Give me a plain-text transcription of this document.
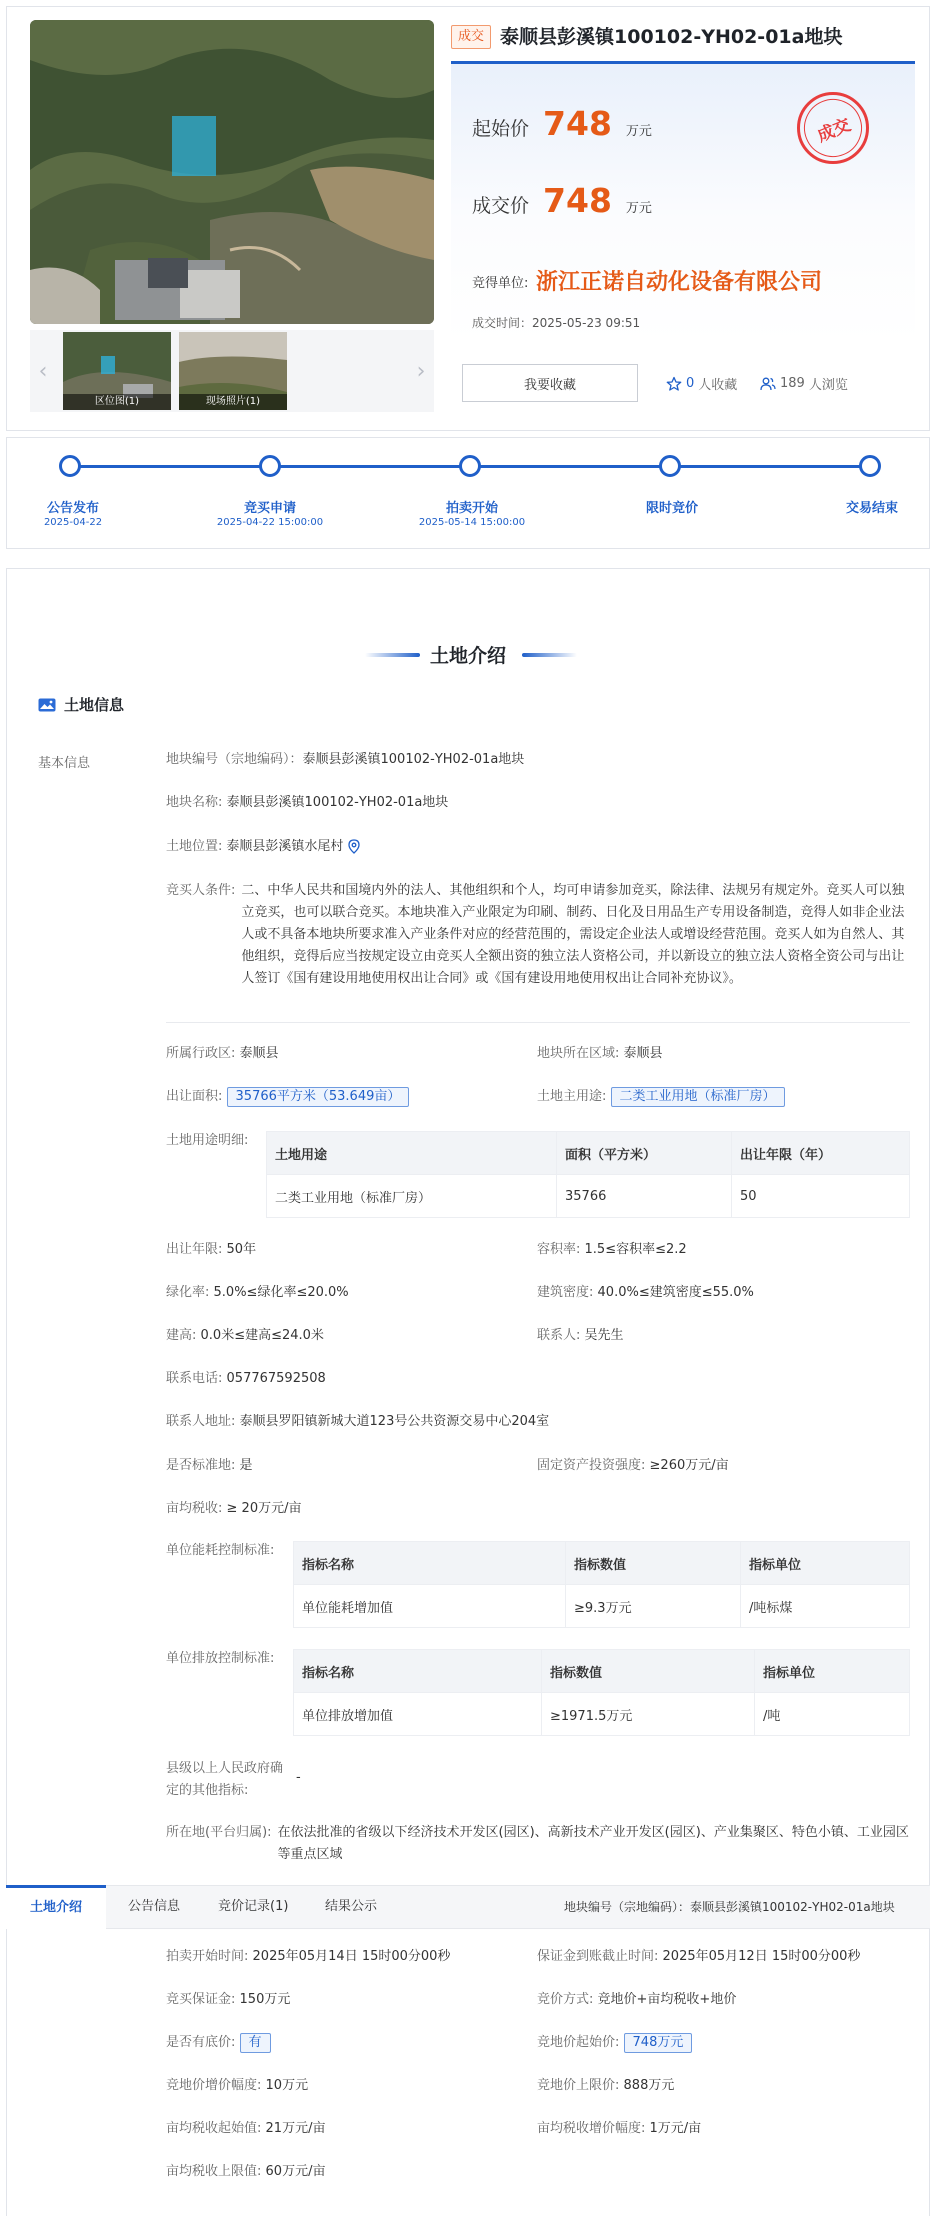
‹	›
区位图(1)	现场照片(1)
成交 泰顺县彭溪镇100102-YH02-01a地块
起始价 748 万元
成交价 748 万元
成交
竞得单位: 浙江正诺自动化设备有限公司
成交时间：2025-05-23 09:51
我要收藏	0 人收藏	189 人浏览
公告发布
2025-04-22
竞买申请
2025-04-22 15:00:00
拍卖开始
2025-05-14 15:00:00
限时竞价	交易结束
土地介绍
土地信息
基本信息	地块编号（宗地编码）：泰顺县彭溪镇100102-YH02-01a地块
地块名称: 泰顺县彭溪镇100102-YH02-01a地块
土地位置: 泰顺县彭溪镇水尾村
竞买人条件: 二、中华人民共和国境内外的法人、其他组织和个人，均可申请参加竞买，除法律、法规另有规定外。竞买人可以独立竞买，也可以联合竞买。本地块准入产业限定为印刷、制药、日化及日用品生产专用设备制造，竞得人如非企业法人或不具备本地块所要求准入产业条件对应的经营范围的，需设定企业法人或增设经营范围。竞买人如为自然人、其他组织，竞得后应当按规定设立由竞买人全额出资的独立法人资格公司，并以新设立的独立法人资格全资公司与出让人签订《国有建设用地使用权出让合同》或《国有建设用地使用权出让合同补充协议》。
所属行政区: 泰顺县	地块所在区域: 泰顺县
出让面积: 35766平方米（53.649亩）	土地主用途: 二类工业用地（标准厂房）
土地用途明细:
土地用途	面积（平方米）	出让年限（年）
二类工业用地（标准厂房）	35766	50
出让年限: 50年	容积率: 1.5≤容积率≤2.2
绿化率: 5.0%≤绿化率≤20.0%	建筑密度: 40.0%≤建筑密度≤55.0%
建高: 0.0米≤建高≤24.0米	联系人: 吴先生
联系电话: 057767592508
联系人地址: 泰顺县罗阳镇新城大道123号公共资源交易中心204室
是否标准地: 是	固定资产投资强度: ≥260万元/亩
亩均税收: ≥ 20万元/亩
单位能耗控制标准:
指标名称	指标数值	指标单位
单位能耗增加值	≥9.3万元	/吨标煤
单位排放控制标准:
指标名称	指标数值	指标单位
单位排放增加值	≥1971.5万元	/吨
县级以上人民政府确定的其他指标:
-
所在地(平台归属): 在依法批准的省级以下经济技术开发区(园区)、高新技术产业开发区(园区)、产业集聚区、特色小镇、工业园区等重点区域
土地介绍	公告信息	竞价记录(1)	结果公示	地块编号（宗地编码）：泰顺县彭溪镇100102-YH02-01a地块
拍卖开始时间: 2025年05月14日 15时00分00秒	保证金到账截止时间: 2025年05月12日 15时00分00秒
竞买保证金: 150万元	竞价方式: 竞地价+亩均税收+地价
是否有底价: 有	竞地价起始价: 748万元
竞地价增价幅度: 10万元	竞地价上限价: 888万元
亩均税收起始值: 21万元/亩	亩均税收增价幅度: 1万元/亩
亩均税收上限值: 60万元/亩
